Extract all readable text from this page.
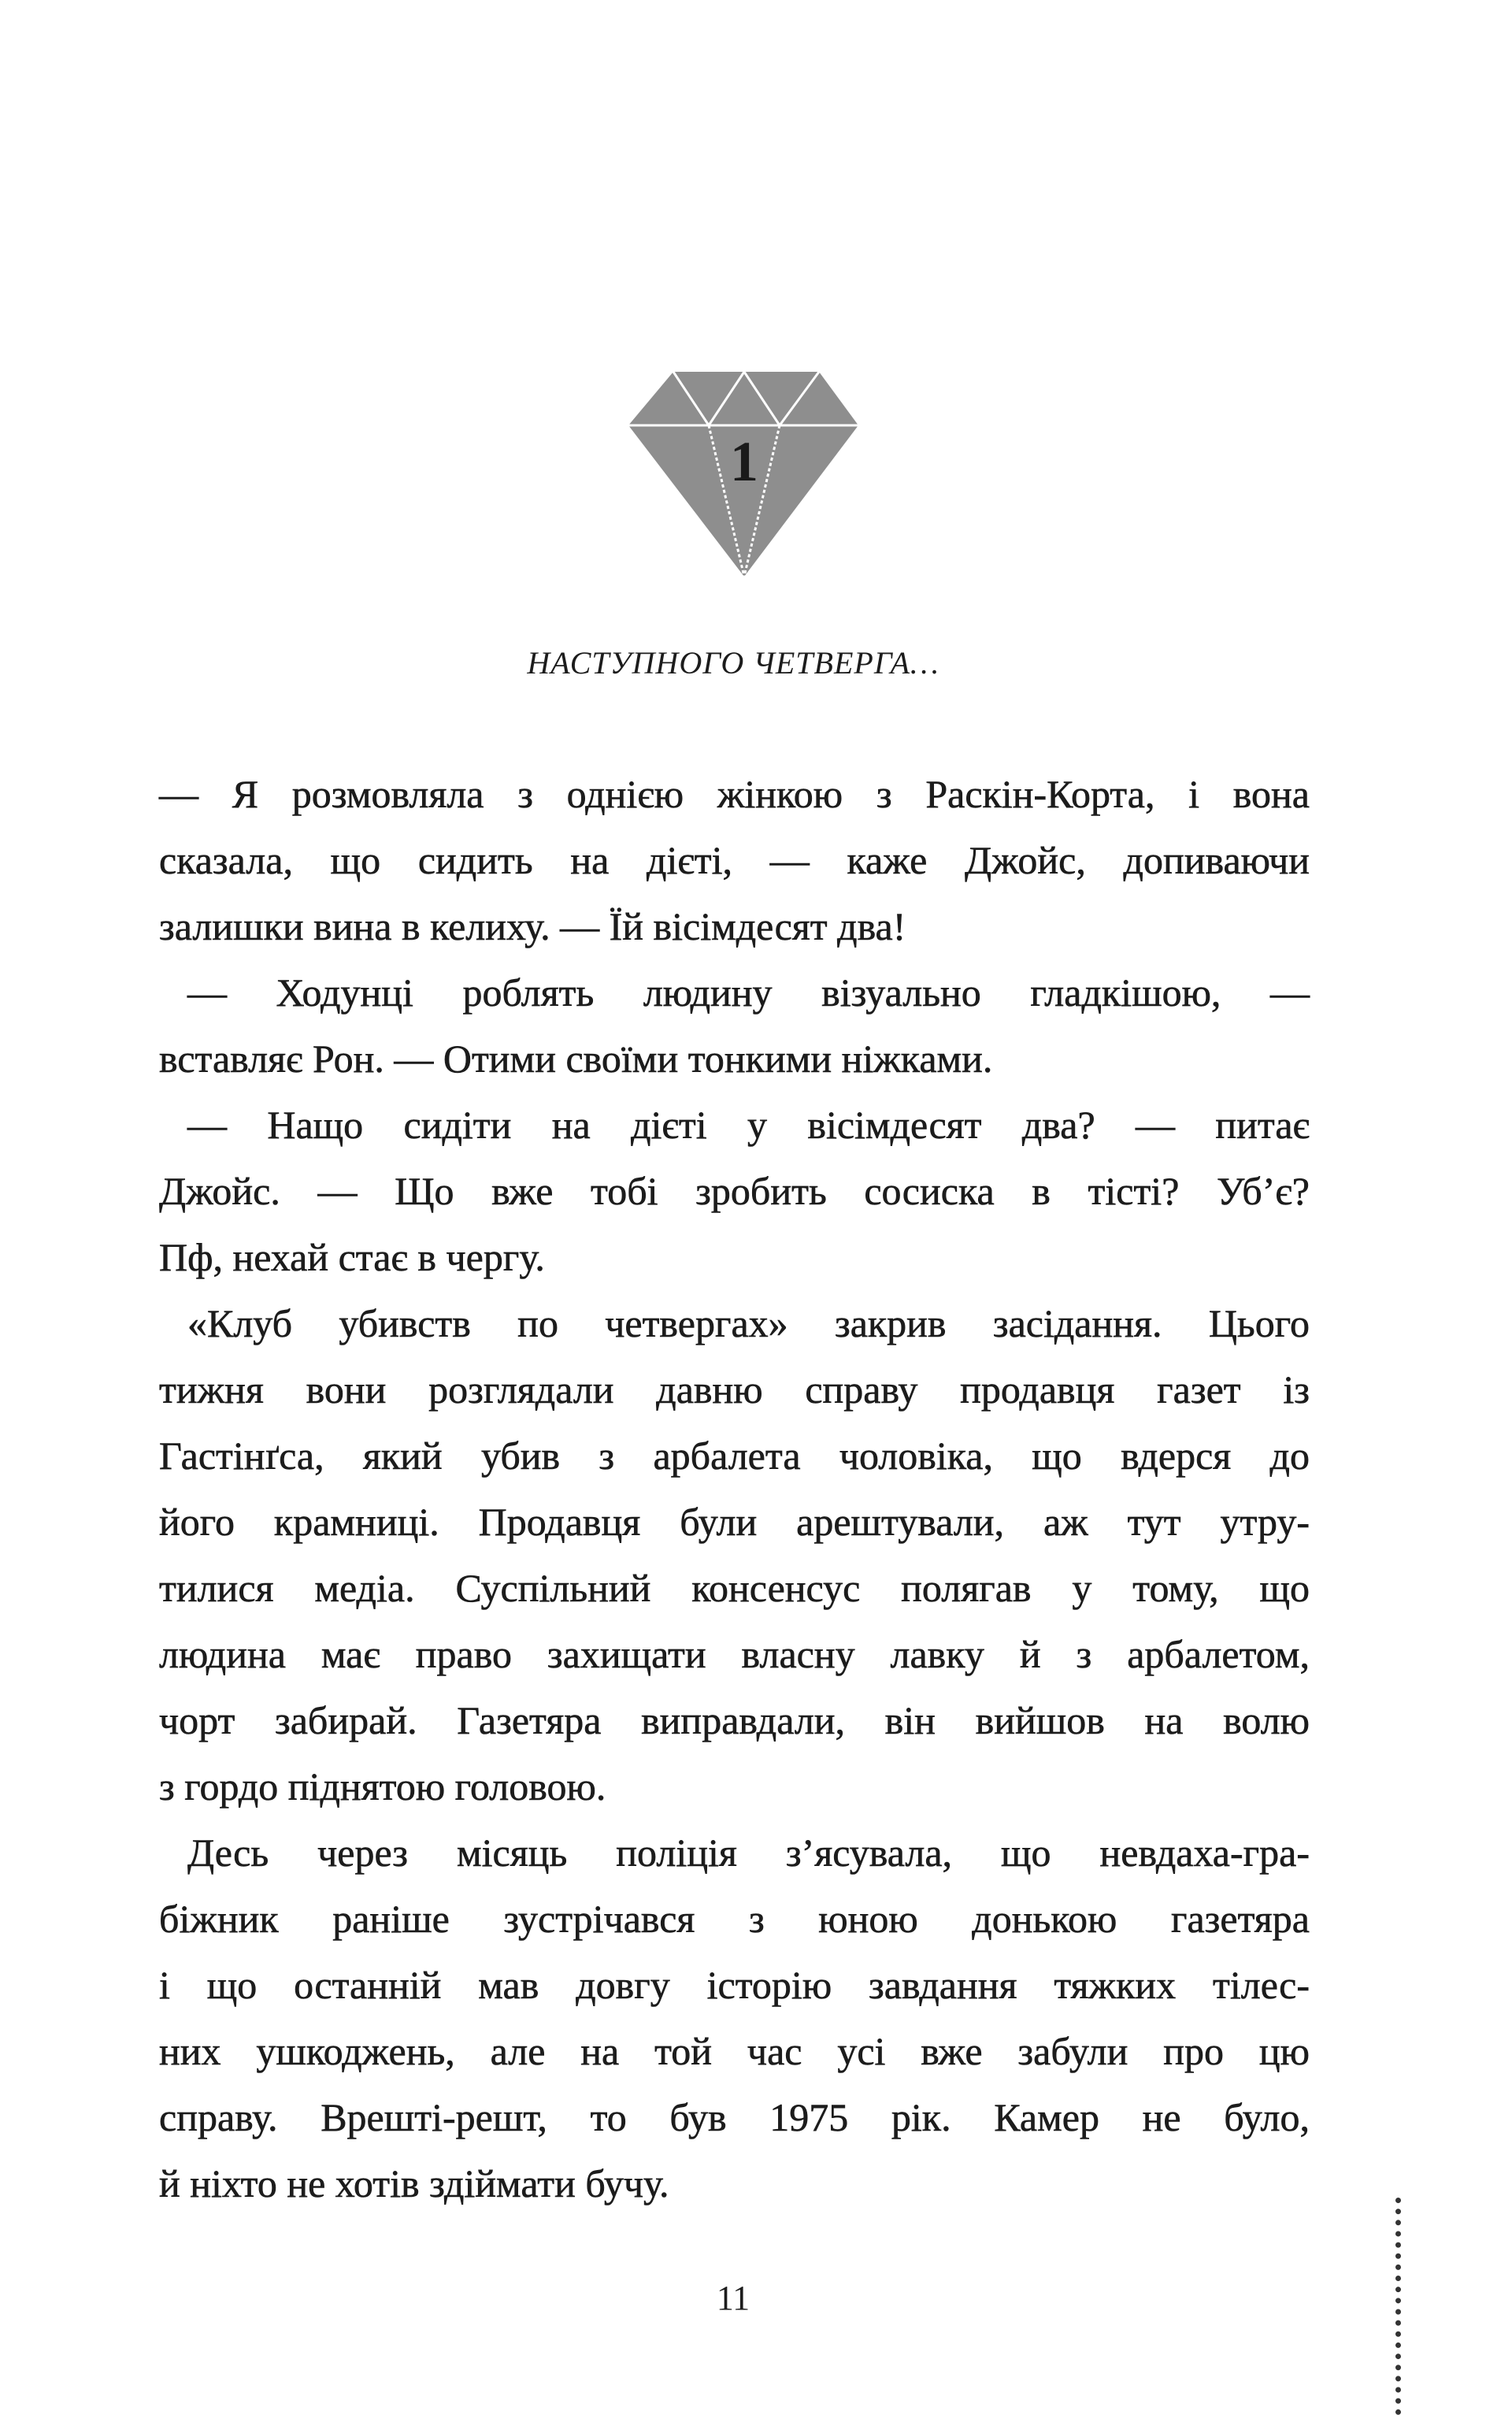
1
НАСТУПНОГО ЧЕТВЕРГА…
— Я розмовляла з однією жінкою з Раскін-Корта, і вона
сказала, що сидить на дієті, — каже Джойс, допиваючи
залишки вина в келиху. — Їй вісімдесят два!
— Ходунці роблять людину візуально гладкішою, —
вставляє Рон. — Отими своїми тонкими ніжками.
— Нащо сидіти на дієті у вісімдесят два? — питає
Джойс. — Що вже тобі зробить сосиска в тісті? Уб’є?
Пф, нехай стає в чергу.
«Клуб убивств по четвергах» закрив засідання. Цього
тижня вони розглядали давню справу продавця газет із
Гастінґса, який убив з арбалета чоловіка, що вдерся до
його крамниці. Продавця були арештували, аж тут утру-
тилися медіа. Суспільний консенсус полягав у тому, що
людина має право захищати власну лавку й з арбалетом,
чорт забирай. Газетяра виправдали, він вийшов на волю
з гордо піднятою головою.
Десь через місяць поліція з’ясувала, що невдаха-гра-
біжник раніше зустрічався з юною донькою газетяра
і що останній мав довгу історію завдання тяжких тілес-
них ушкоджень, але на той час усі вже забули про цю
справу. Врешті-решт, то був 1975 рік. Камер не було,
й ніхто не хотів здіймати бучу.
11
